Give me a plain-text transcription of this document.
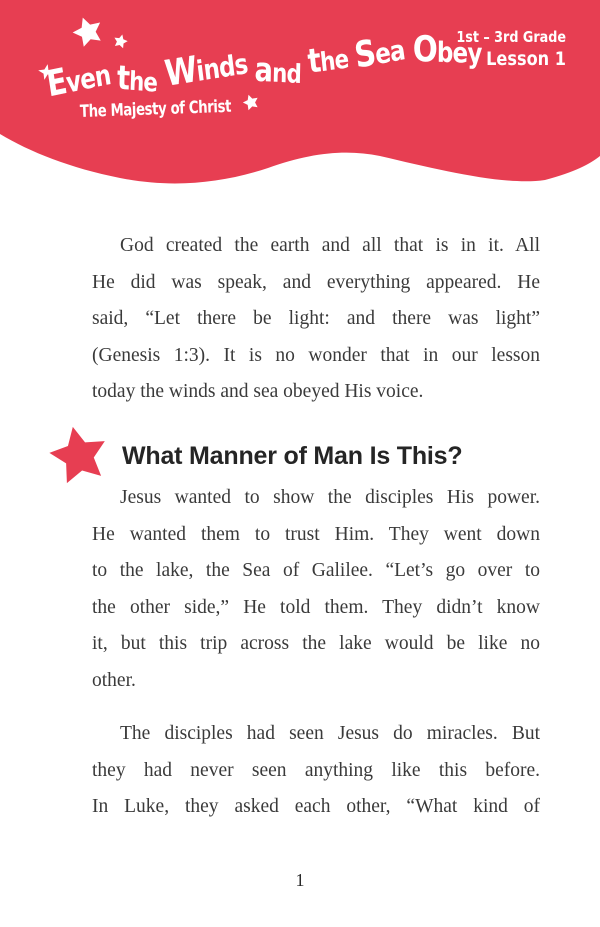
Even the Winds and the Sea Obey
1st – 3rd Grade
Lesson 1
The Majesty of Christ
God created the earth and all that is in it. All
He did was speak, and everything appeared. He
said, “Let there be light: and there was light”
(Genesis 1:3). It is no wonder that in our lesson
today the winds and sea obeyed His voice.
What Manner of Man Is This?
Jesus wanted to show the disciples His power.
He wanted them to trust Him. They went down
to the lake, the Sea of Galilee. “Let’s go over to
the other side,” He told them. They didn’t know
it, but this trip across the lake would be like no
other.
The disciples had seen Jesus do miracles. But
they had never seen anything like this before.
In Luke, they asked each other, “What kind of
1
